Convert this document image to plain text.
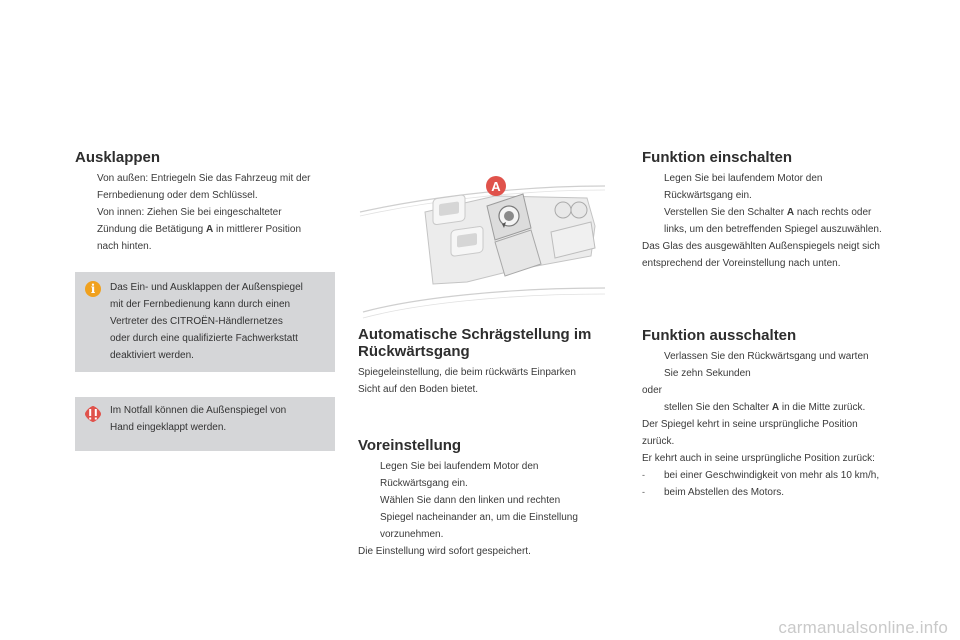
Ausklappen
Von außen: Entriegeln Sie das Fahrzeug mit der
Fernbedienung oder dem Schlüssel.
Von innen: Ziehen Sie bei eingeschalteter
Zündung die Betätigung A in mittlerer Position
nach hinten.
i	Das Ein- und Ausklappen der Außenspiegel
mit der Fernbedienung kann durch einen
Vertreter des CITROËN-Händlernetzes
oder durch eine qualifizierte Fachwerkstatt
deaktiviert werden.
Im Notfall können die Außenspiegel von
Hand eingeklappt werden.
A
Automatische Schrägstellung im
Rückwärtsgang
Spiegeleinstellung, die beim rückwärts Einparken
Sicht auf den Boden bietet.
Voreinstellung
Legen Sie bei laufendem Motor den
Rückwärtsgang ein.
Wählen Sie dann den linken und rechten
Spiegel nacheinander an, um die Einstellung
vorzunehmen.
Die Einstellung wird sofort gespeichert.
Funktion einschalten
Legen Sie bei laufendem Motor den
Rückwärtsgang ein.
Verstellen Sie den Schalter A nach rechts oder
links, um den betreffenden Spiegel auszuwählen.
Das Glas des ausgewählten Außenspiegels neigt sich
entsprechend der Voreinstellung nach unten.
Funktion ausschalten
Verlassen Sie den Rückwärtsgang und warten
Sie zehn Sekunden
oder
stellen Sie den Schalter A in die Mitte zurück.
Der Spiegel kehrt in seine ursprüngliche Position
zurück.
Er kehrt auch in seine ursprüngliche Position zurück:
- bei einer Geschwindigkeit von mehr als 10 km/h,
- beim Abstellen des Motors.
carmanualsonline.info
